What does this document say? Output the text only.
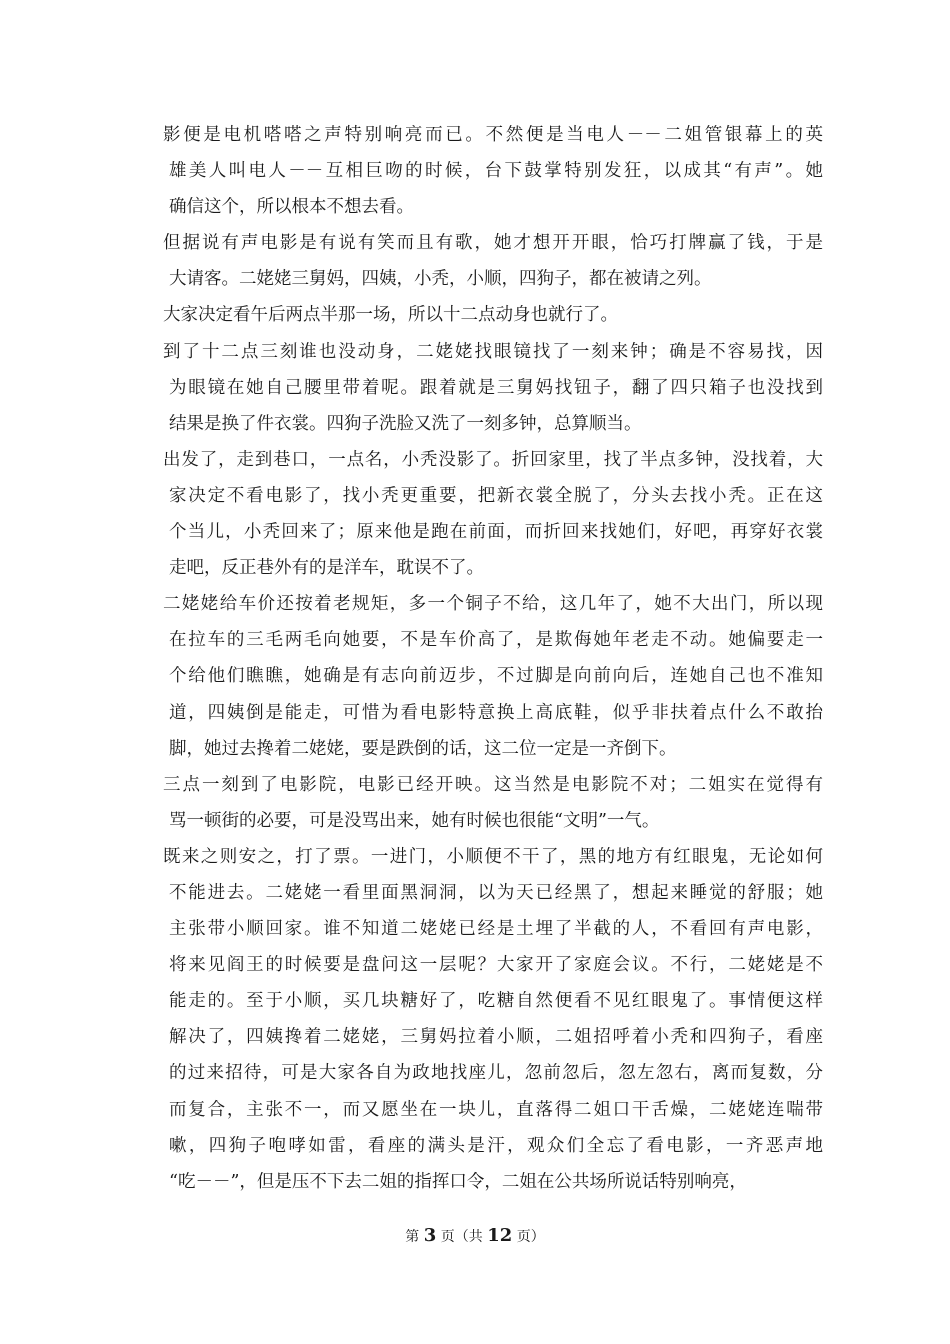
影便是电机嗒嗒之声特别响亮而已。不然便是当电人－－二姐管银幕上的英
雄美人叫电人－－互相巨吻的时候，台下鼓掌特别发狂，以成其“有声”。她
确信这个，所以根本不想去看。
但据说有声电影是有说有笑而且有歌，她才想开开眼，恰巧打牌赢了钱，于是
大请客。二姥姥三舅妈，四姨，小秃，小顺，四狗子，都在被请之列。
大家决定看午后两点半那一场，所以十二点动身也就行了。
到了十二点三刻谁也没动身，二姥姥找眼镜找了一刻来钟；确是不容易找，因
为眼镜在她自己腰里带着呢。跟着就是三舅妈找钮子，翻了四只箱子也没找到
结果是换了件衣裳。四狗子洗脸又洗了一刻多钟，总算顺当。
出发了，走到巷口，一点名，小秃没影了。折回家里，找了半点多钟，没找着，大
家决定不看电影了，找小秃更重要，把新衣裳全脱了，分头去找小秃。正在这
个当儿，小秃回来了；原来他是跑在前面，而折回来找她们，好吧，再穿好衣裳
走吧，反正巷外有的是洋车，耽误不了。
二姥姥给车价还按着老规矩，多一个铜子不给，这几年了，她不大出门，所以现
在拉车的三毛两毛向她要，不是车价高了，是欺侮她年老走不动。她偏要走一
个给他们瞧瞧，她确是有志向前迈步，不过脚是向前向后，连她自己也不准知
道，四姨倒是能走，可惜为看电影特意换上高底鞋，似乎非扶着点什么不敢抬
脚，她过去搀着二姥姥，要是跌倒的话，这二位一定是一齐倒下。
三点一刻到了电影院，电影已经开映。这当然是电影院不对；二姐实在觉得有
骂一顿街的必要，可是没骂出来，她有时候也很能“文明”一气。
既来之则安之，打了票。一进门，小顺便不干了，黑的地方有红眼鬼，无论如何
不能进去。二姥姥一看里面黑洞洞，以为天已经黑了，想起来睡觉的舒服；她
主张带小顺回家。谁不知道二姥姥已经是土埋了半截的人，不看回有声电影，
将来见阎王的时候要是盘问这一层呢？大家开了家庭会议。不行，二姥姥是不
能走的。至于小顺，买几块糖好了，吃糖自然便看不见红眼鬼了。事情便这样
解决了，四姨搀着二姥姥，三舅妈拉着小顺，二姐招呼着小秃和四狗子，看座
的过来招待，可是大家各自为政地找座儿，忽前忽后，忽左忽右，离而复数，分
而复合，主张不一，而又愿坐在一块儿，直落得二姐口干舌燥，二姥姥连喘带
嗽，四狗子咆哮如雷，看座的满头是汗，观众们全忘了看电影，一齐恶声地
“吃－－”，但是压不下去二姐的指挥口令，二姐在公共场所说话特别响亮，
第 3 页（共 12 页）
